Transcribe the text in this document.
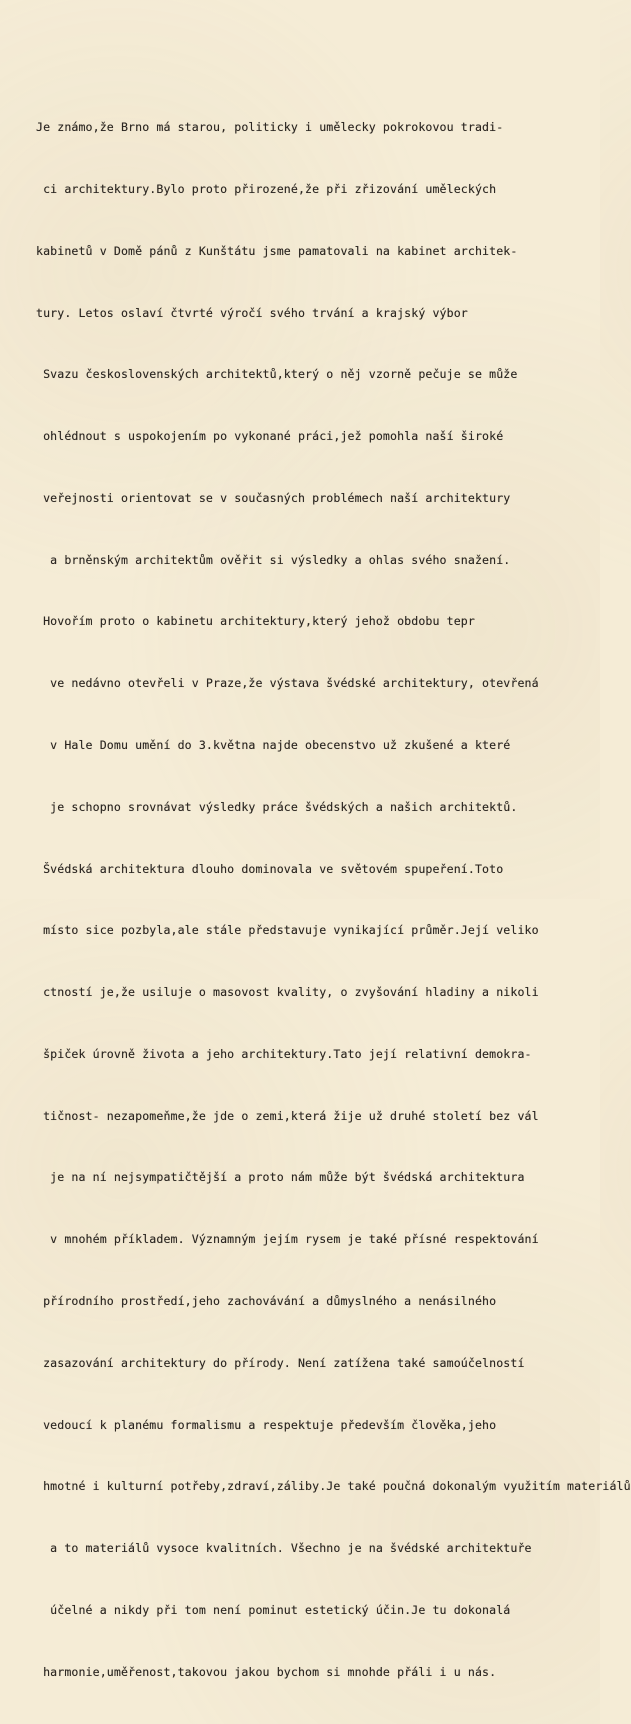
Je známo,že Brno má starou, politicky i umělecky pokrokovou tradi-

ci architektury.Bylo proto přirozené,že při zřizování uměleckých

kabinetů v Domě pánů z Kunštátu jsme pamatovali na kabinet architek-

tury. Letos oslaví čtvrté výročí svého trvání a krajský výbor

Svazu československých architektů,který o něj vzorně pečuje se může

ohlédnout s uspokojením po vykonané práci,jež pomohla naší široké

veřejnosti orientovat se v současných problémech naší architektury

a brněnským architektům ověřit si výsledky a ohlas svého snažení.

Hovořím proto o kabinetu architektury,který jehož obdobu tepr

ve nedávno otevřeli v Praze,že výstava švédské architektury, otevřená

v Hale Domu umění do 3.května najde obecenstvo už zkušené a které

je schopno srovnávat výsledky práce švédských a našich architektů.

Švédská architektura dlouho dominovala ve světovém spupeření.Toto

místo sice pozbyla,ale stále představuje vynikající průměr.Její veliko

ctností je,že usiluje o masovost kvality, o zvyšování hladiny a nikoli

špiček úrovně života a jeho architektury.Tato její relativní demokra-

tičnost- nezapomeňme,že jde o zemi,která žije už druhé století bez vál

je na ní nejsympatičtější a proto nám může být švédská architektura

v mnohém příkladem. Významným jejím rysem je také přísné respektování

přírodního prostředí,jeho zachovávání a důmyslného a nenásilného

zasazování architektury do přírody. Není zatížena také samoúčelností

vedoucí k planému formalismu a respektuje především člověka,jeho

hmotné i kulturní potřeby,zdraví,záliby.Je také poučná dokonalým využitím materiálů

a to materiálů vysoce kvalitních. Všechno je na švédské architektuře

účelné a nikdy při tom není pominut estetický účin.Je tu dokonalá

harmonie,uměřenost,takovou jakou bychom si mnohde přáli i u nás.
